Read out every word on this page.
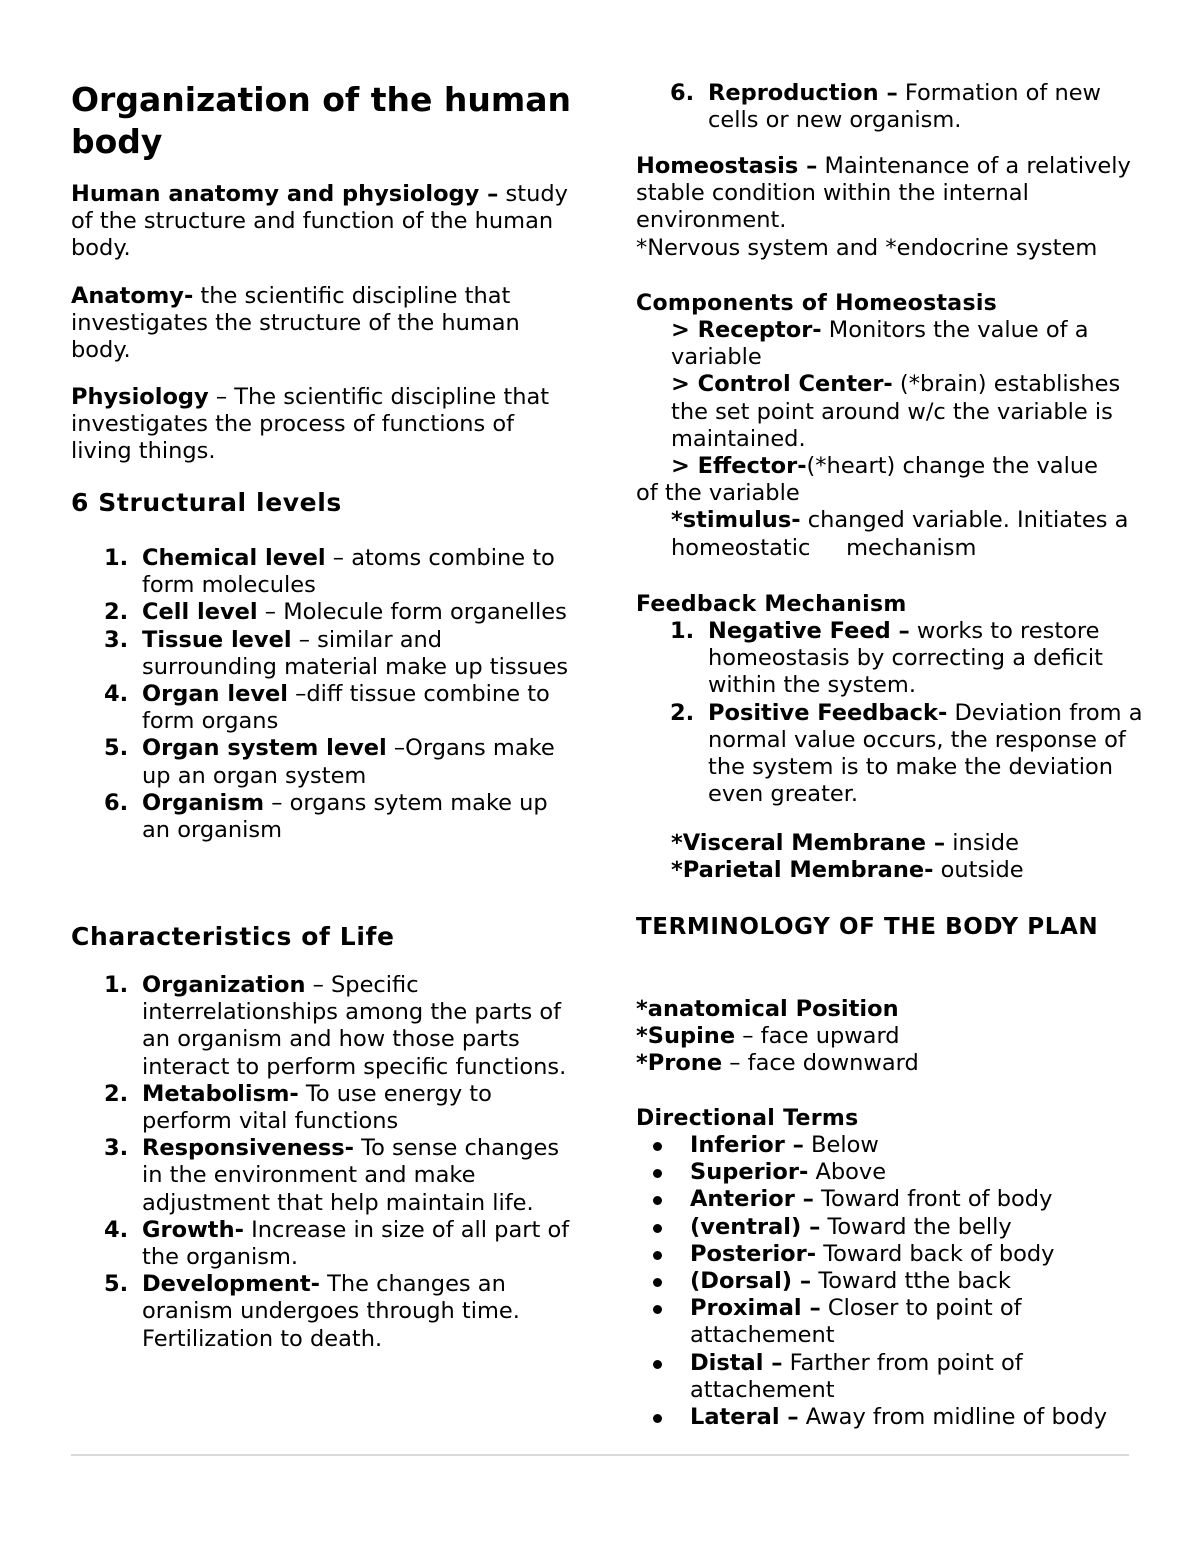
Organization of the human body

Human anatomy and physiology – study of the structure and function of the human body.

Anatomy- the scientific discipline that investigates the structure of the human body.

Physiology – The scientific discipline that investigates the process of functions of living things.

6 Structural levels
1. Chemical level – atoms combine to form molecules
2. Cell level – Molecule form organelles
3. Tissue level – similar and surrounding material make up tissues
4. Organ level –diff tissue combine to form organs
5. Organ system level –Organs make up an organ system
6. Organism – organs sytem make up an organism
Characteristics of Life
1. Organization – Specific interrelationships among the parts of an organism and how those parts interact to perform specific functions.
2. Metabolism- To use energy to perform vital functions
3. Responsiveness- To sense changes in the environment and make adjustment that help maintain life.
4. Growth- Increase in size of all part of the organism.
5. Development- The changes an oranism undergoes through time. Fertilization to death.
6. Reproduction – Formation of new cells or new organism.

Homeostasis – Maintenance of a relatively stable condition within the internal environment.

*Nervous system and *endocrine system

Components of Homeostasis

> Receptor- Monitors the value of a variable

> Control Center- (*brain) establishes the set point around w/c the variable is maintained.

> Effector-(*heart) change the value
of the variable

*stimulus- changed variable. Initiates a homeostatic     mechanism

Feedback Mechanism

1. Negative Feed – works to restore homeostasis by correcting a deficit within the system.
2. Positive Feedback- Deviation from a normal value occurs, the response of the system is to make the deviation even greater.

*Visceral Membrane – inside

*Parietal Membrane- outside

TERMINOLOGY OF THE BODY PLAN

*anatomical Position

*Supine – face upward

*Prone – face downward

Directional Terms

Inferior – Below
Superior- Above
Anterior – Toward front of body
(ventral) – Toward the belly
Posterior- Toward back of body
(Dorsal) – Toward tthe back
Proximal – Closer to point of attachement
Distal – Farther from point of attachement
Lateral – Away from midline of body
